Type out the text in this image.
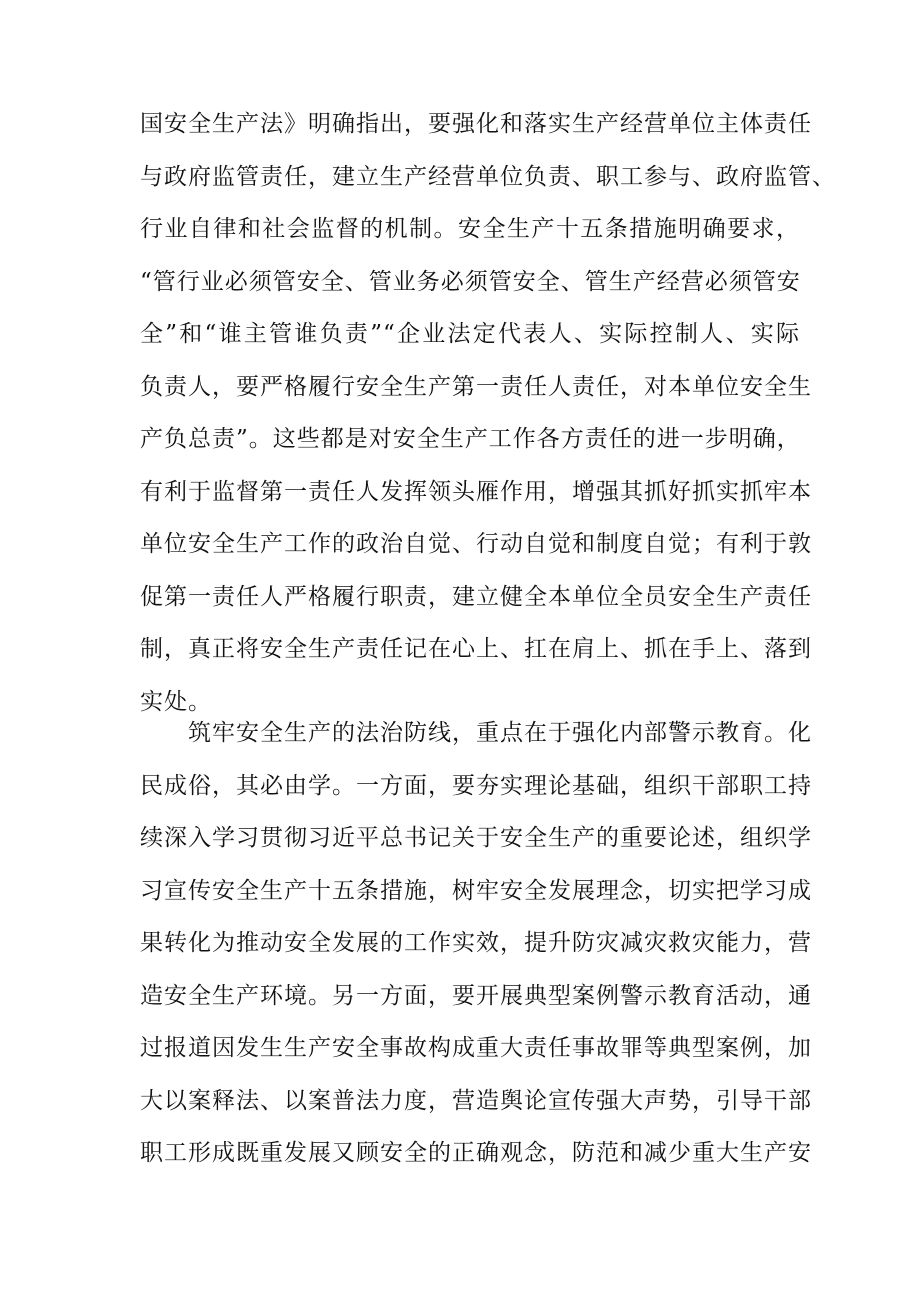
国安全生产法》明确指出，要强化和落实生产经营单位主体责任
与政府监管责任，建立生产经营单位负责、职工参与、政府监管、
行业自律和社会监督的机制。安全生产十五条措施明确要求，
“管行业必须管安全、管业务必须管安全、管生产经营必须管安
全”和“谁主管谁负责”“企业法定代表人、实际控制人、实际
负责人，要严格履行安全生产第一责任人责任，对本单位安全生
产负总责”。这些都是对安全生产工作各方责任的进一步明确，
有利于监督第一责任人发挥领头雁作用，增强其抓好抓实抓牢本
单位安全生产工作的政治自觉、行动自觉和制度自觉；有利于敦
促第一责任人严格履行职责，建立健全本单位全员安全生产责任
制，真正将安全生产责任记在心上、扛在肩上、抓在手上、落到
实处。
筑牢安全生产的法治防线，重点在于强化内部警示教育。化
民成俗，其必由学。一方面，要夯实理论基础，组织干部职工持
续深入学习贯彻习近平总书记关于安全生产的重要论述，组织学
习宣传安全生产十五条措施，树牢安全发展理念，切实把学习成
果转化为推动安全发展的工作实效，提升防灾减灾救灾能力，营
造安全生产环境。另一方面，要开展典型案例警示教育活动，通
过报道因发生生产安全事故构成重大责任事故罪等典型案例，加
大以案释法、以案普法力度，营造舆论宣传强大声势，引导干部
职工形成既重发展又顾安全的正确观念，防范和减少重大生产安
